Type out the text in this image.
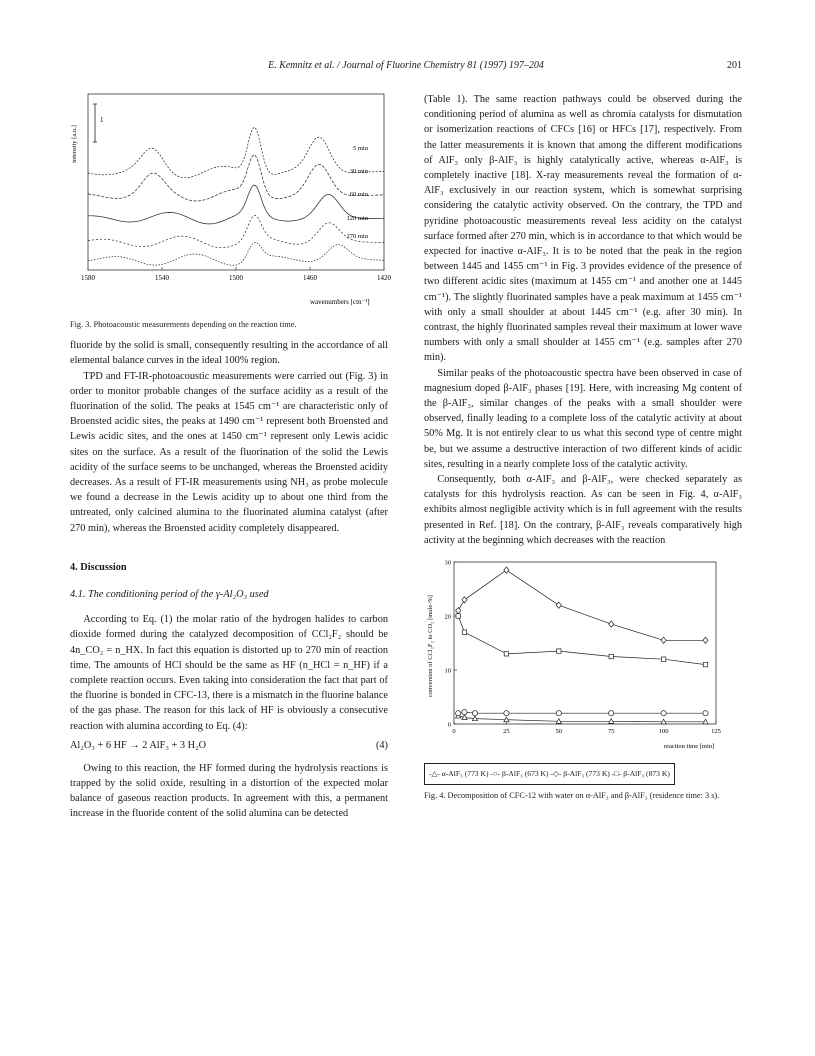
E. Kemnitz et al. / Journal of Fluorine Chemistry 81 (1997) 197–204	201
intensity [a.u.]
1
5 min
30 min
60 min
120 min
270 min
1580	1540	1500	1460	1420
wavenumbers [cm⁻¹]
Fig. 3. Photoacoustic measurements depending on the reaction time.

fluoride by the solid is small, consequently resulting in the accordance of all elemental balance curves in the ideal 100% region.

TPD and FT-IR-photoacoustic measurements were carried out (Fig. 3) in order to monitor probable changes of the surface acidity as a result of the fluorination of the solid. The peaks at 1545 cm⁻¹ are characteristic only of Broensted acidic sites, the peaks at 1490 cm⁻¹ represent both Broensted and Lewis acidic sites, and the ones at 1450 cm⁻¹ represent only Lewis acidic sites on the surface. As a result of the fluorination of the solid the Lewis acidity of the surface seems to be unchanged, whereas the Broensted acidity decreases. As a result of FT-IR measurements using NH₃ as probe molecule we found a decrease in the Lewis acidity up to about one third from the untreated, only calcined alumina to the fluorinated alumina catalyst (after 270 min), whereas the Broensted acidity completely disappeared.

4. Discussion
4.1. The conditioning period of the γ-Al₂O₃ used

According to Eq. (1) the molar ratio of the hydrogen halides to carbon dioxide formed during the catalyzed decomposition of CCl₂F₂ should be 4n_CO₂ = n_HX. In fact this equation is distorted up to 270 min of reaction time. The amounts of HCl should be the same as HF (n_HCl = n_HF) if a complete reaction occurs. Even taking into consideration the fact that part of the fluorine is bonded in CFC-13, there is a mismatch in the fluorine balance of the gas phase. The reason for this lack of HF is obviously a consecutive reaction with alumina according to Eq. (4):

Al₂O₃ + 6 HF → 2 AlF₃ + 3 H₂O	(4)

Owing to this reaction, the HF formed during the hydrolysis reactions is trapped by the solid oxide, resulting in a distortion of the expected molar balance of gaseous reaction products. In agreement with this, a permanent increase in the fluoride content of the solid alumina can be detected

(Table 1). The same reaction pathways could be observed during the conditioning period of alumina as well as chromia catalysts for dismutation or isomerization reactions of CFCs [16] or HFCs [17], respectively. From the latter measurements it is known that among the different modifications of AlF₃ only β-AlF₃ is highly catalytically active, whereas α-AlF₃ is completely inactive [18]. X-ray measurements reveal the formation of α-AlF₃ exclusively in our reaction system, which is somewhat surprising considering the catalytic activity observed. On the contrary, the TPD and pyridine photoacoustic measurements reveal less acidity on the catalyst surface formed after 270 min, which is in accordance to that which would be expected for inactive α-AlF₃. It is to be noted that the peak in the region between 1445 and 1455 cm⁻¹ in Fig. 3 provides evidence of the presence of two different acidic sites (maximum at 1455 cm⁻¹ and another one at 1445 cm⁻¹). The slightly fluorinated samples have a peak maximum at 1455 cm⁻¹ with only a small shoulder at about 1445 cm⁻¹ (e.g. after 30 min). In contrast, the highly fluorinated samples reveal their maximum at lower wave numbers with only a small shoulder at 1455 cm⁻¹ (e.g. samples after 270 min).

Similar peaks of the photoacoustic spectra have been observed in case of magnesium doped β-AlF₃ phases [19]. Here, with increasing Mg content of the β-AlF₃, similar changes of the peaks with a small shoulder were observed, finally leading to a complete loss of the catalytic activity at about 50% Mg. It is not entirely clear to us what this second type of centre might be, but we assume a destructive interaction of two different kinds of acidic sites, resulting in a nearly complete loss of the catalytic activity.

Consequently, both α-AlF₃ and β-AlF₃, were checked separately as catalysts for this hydrolysis reaction. As can be seen in Fig. 4, α-AlF₃ exhibits almost negligible activity which is in full agreement with the results presented in Ref. [18]. On the contrary, β-AlF₃ reveals comparatively high activity at the beginning which decreases with the reaction

conversion of CCl₂F₂ to CO₂ [mole-%]
0	25	50	75	100	125
0
10
20
30
reaction time [min]
-△- α-AlF₃ (773 K) -○- β-AlF₃ (673 K) -◇- β-AlF₃ (773 K) -□- β-AlF₃ (873 K)
Fig. 4. Decomposition of CFC-12 with water on α-AlF₃ and β-AlF₃ (residence time: 3 s).
